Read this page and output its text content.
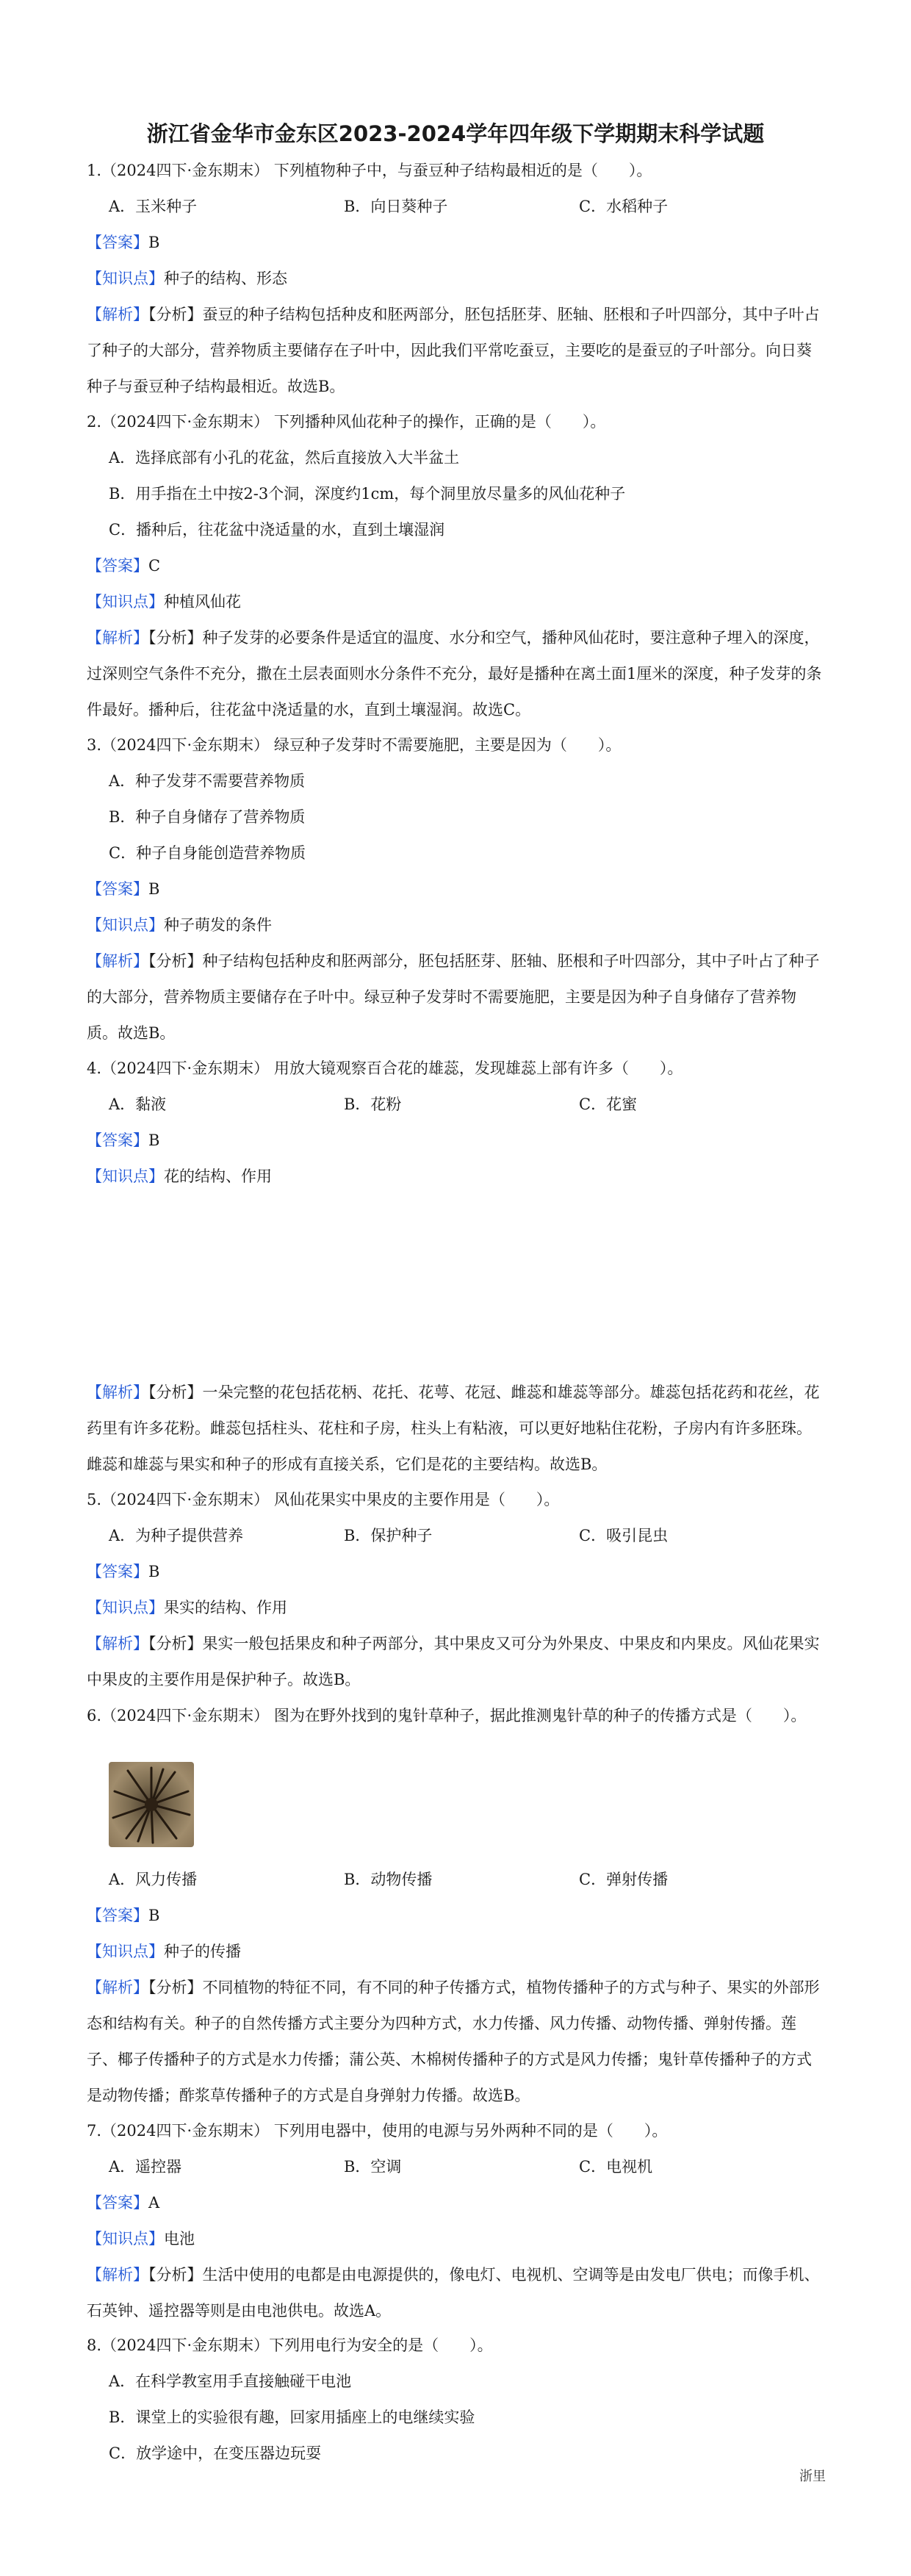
浙江省金华市金东区2023-2024学年四年级下学期期末科学试题
1.（2024四下·金东期末） 下列植物种子中，与蚕豆种子结构最相近的是（　　）。
A．玉米种子	B．向日葵种子	C．水稻种子
【答案】B
【知识点】种子的结构、形态
【解析】【分析】蚕豆的种子结构包括种皮和胚两部分，胚包括胚芽、胚轴、胚根和子叶四部分，其中子叶占了种子的大部分，营养物质主要储存在子叶中，因此我们平常吃蚕豆，主要吃的是蚕豆的子叶部分。向日葵种子与蚕豆种子结构最相近。故选B。
2.（2024四下·金东期末） 下列播种风仙花种子的操作，正确的是（　　）。
A．选择底部有小孔的花盆，然后直接放入大半盆土
B．用手指在土中按2-3个洞，深度约1cm，每个洞里放尽量多的风仙花种子
C．播种后，往花盆中浇适量的水，直到土壤湿润
【答案】C
【知识点】种植风仙花
【解析】【分析】种子发芽的必要条件是适宜的温度、水分和空气，播种风仙花时，要注意种子埋入的深度，过深则空气条件不充分，撒在土层表面则水分条件不充分，最好是播种在离土面1厘米的深度，种子发芽的条件最好。播种后，往花盆中浇适量的水，直到土壤湿润。故选C。
3.（2024四下·金东期末） 绿豆种子发芽时不需要施肥，主要是因为（　　）。
A．种子发芽不需要营养物质
B．种子自身储存了营养物质
C．种子自身能创造营养物质
【答案】B
【知识点】种子萌发的条件
【解析】【分析】种子结构包括种皮和胚两部分，胚包括胚芽、胚轴、胚根和子叶四部分，其中子叶占了种子的大部分，营养物质主要储存在子叶中。绿豆种子发芽时不需要施肥，主要是因为种子自身储存了营养物质。故选B。
4.（2024四下·金东期末） 用放大镜观察百合花的雄蕊，发现雄蕊上部有许多（　　）。
A．黏液	B．花粉	C．花蜜
【答案】B
【知识点】花的结构、作用
【解析】【分析】一朵完整的花包括花柄、花托、花萼、花冠、雌蕊和雄蕊等部分。雄蕊包括花药和花丝，花药里有许多花粉。雌蕊包括柱头、花柱和子房，柱头上有粘液，可以更好地粘住花粉，子房内有许多胚珠。雌蕊和雄蕊与果实和种子的形成有直接关系，它们是花的主要结构。故选B。
5.（2024四下·金东期末） 风仙花果实中果皮的主要作用是（　　）。
A．为种子提供营养	B．保护种子	C．吸引昆虫
【答案】B
【知识点】果实的结构、作用
【解析】【分析】果实一般包括果皮和种子两部分，其中果皮又可分为外果皮、中果皮和内果皮。风仙花果实中果皮的主要作用是保护种子。故选B。
6.（2024四下·金东期末） 图为在野外找到的鬼针草种子，据此推测鬼针草的种子的传播方式是（　　）。
A．风力传播	B．动物传播	C．弹射传播
【答案】B
【知识点】种子的传播
【解析】【分析】不同植物的特征不同，有不同的种子传播方式，植物传播种子的方式与种子、果实的外部形态和结构有关。种子的自然传播方式主要分为四种方式，水力传播、风力传播、动物传播、弹射传播。莲子、椰子传播种子的方式是水力传播；蒲公英、木棉树传播种子的方式是风力传播；鬼针草传播种子的方式是动物传播；酢浆草传播种子的方式是自身弹射力传播。故选B。
7.（2024四下·金东期末） 下列用电器中，使用的电源与另外两种不同的是（　　）。
A．遥控器	B．空调	C．电视机
【答案】A
【知识点】电池
【解析】【分析】生活中使用的电都是由电源提供的，像电灯、电视机、空调等是由发电厂供电；而像手机、石英钟、遥控器等则是由电池供电。故选A。
8.（2024四下·金东期末）下列用电行为安全的是（　　）。
A．在科学教室用手直接触碰干电池
B．课堂上的实验很有趣，回家用插座上的电继续实验
C．放学途中，在变压器边玩耍
浙里
